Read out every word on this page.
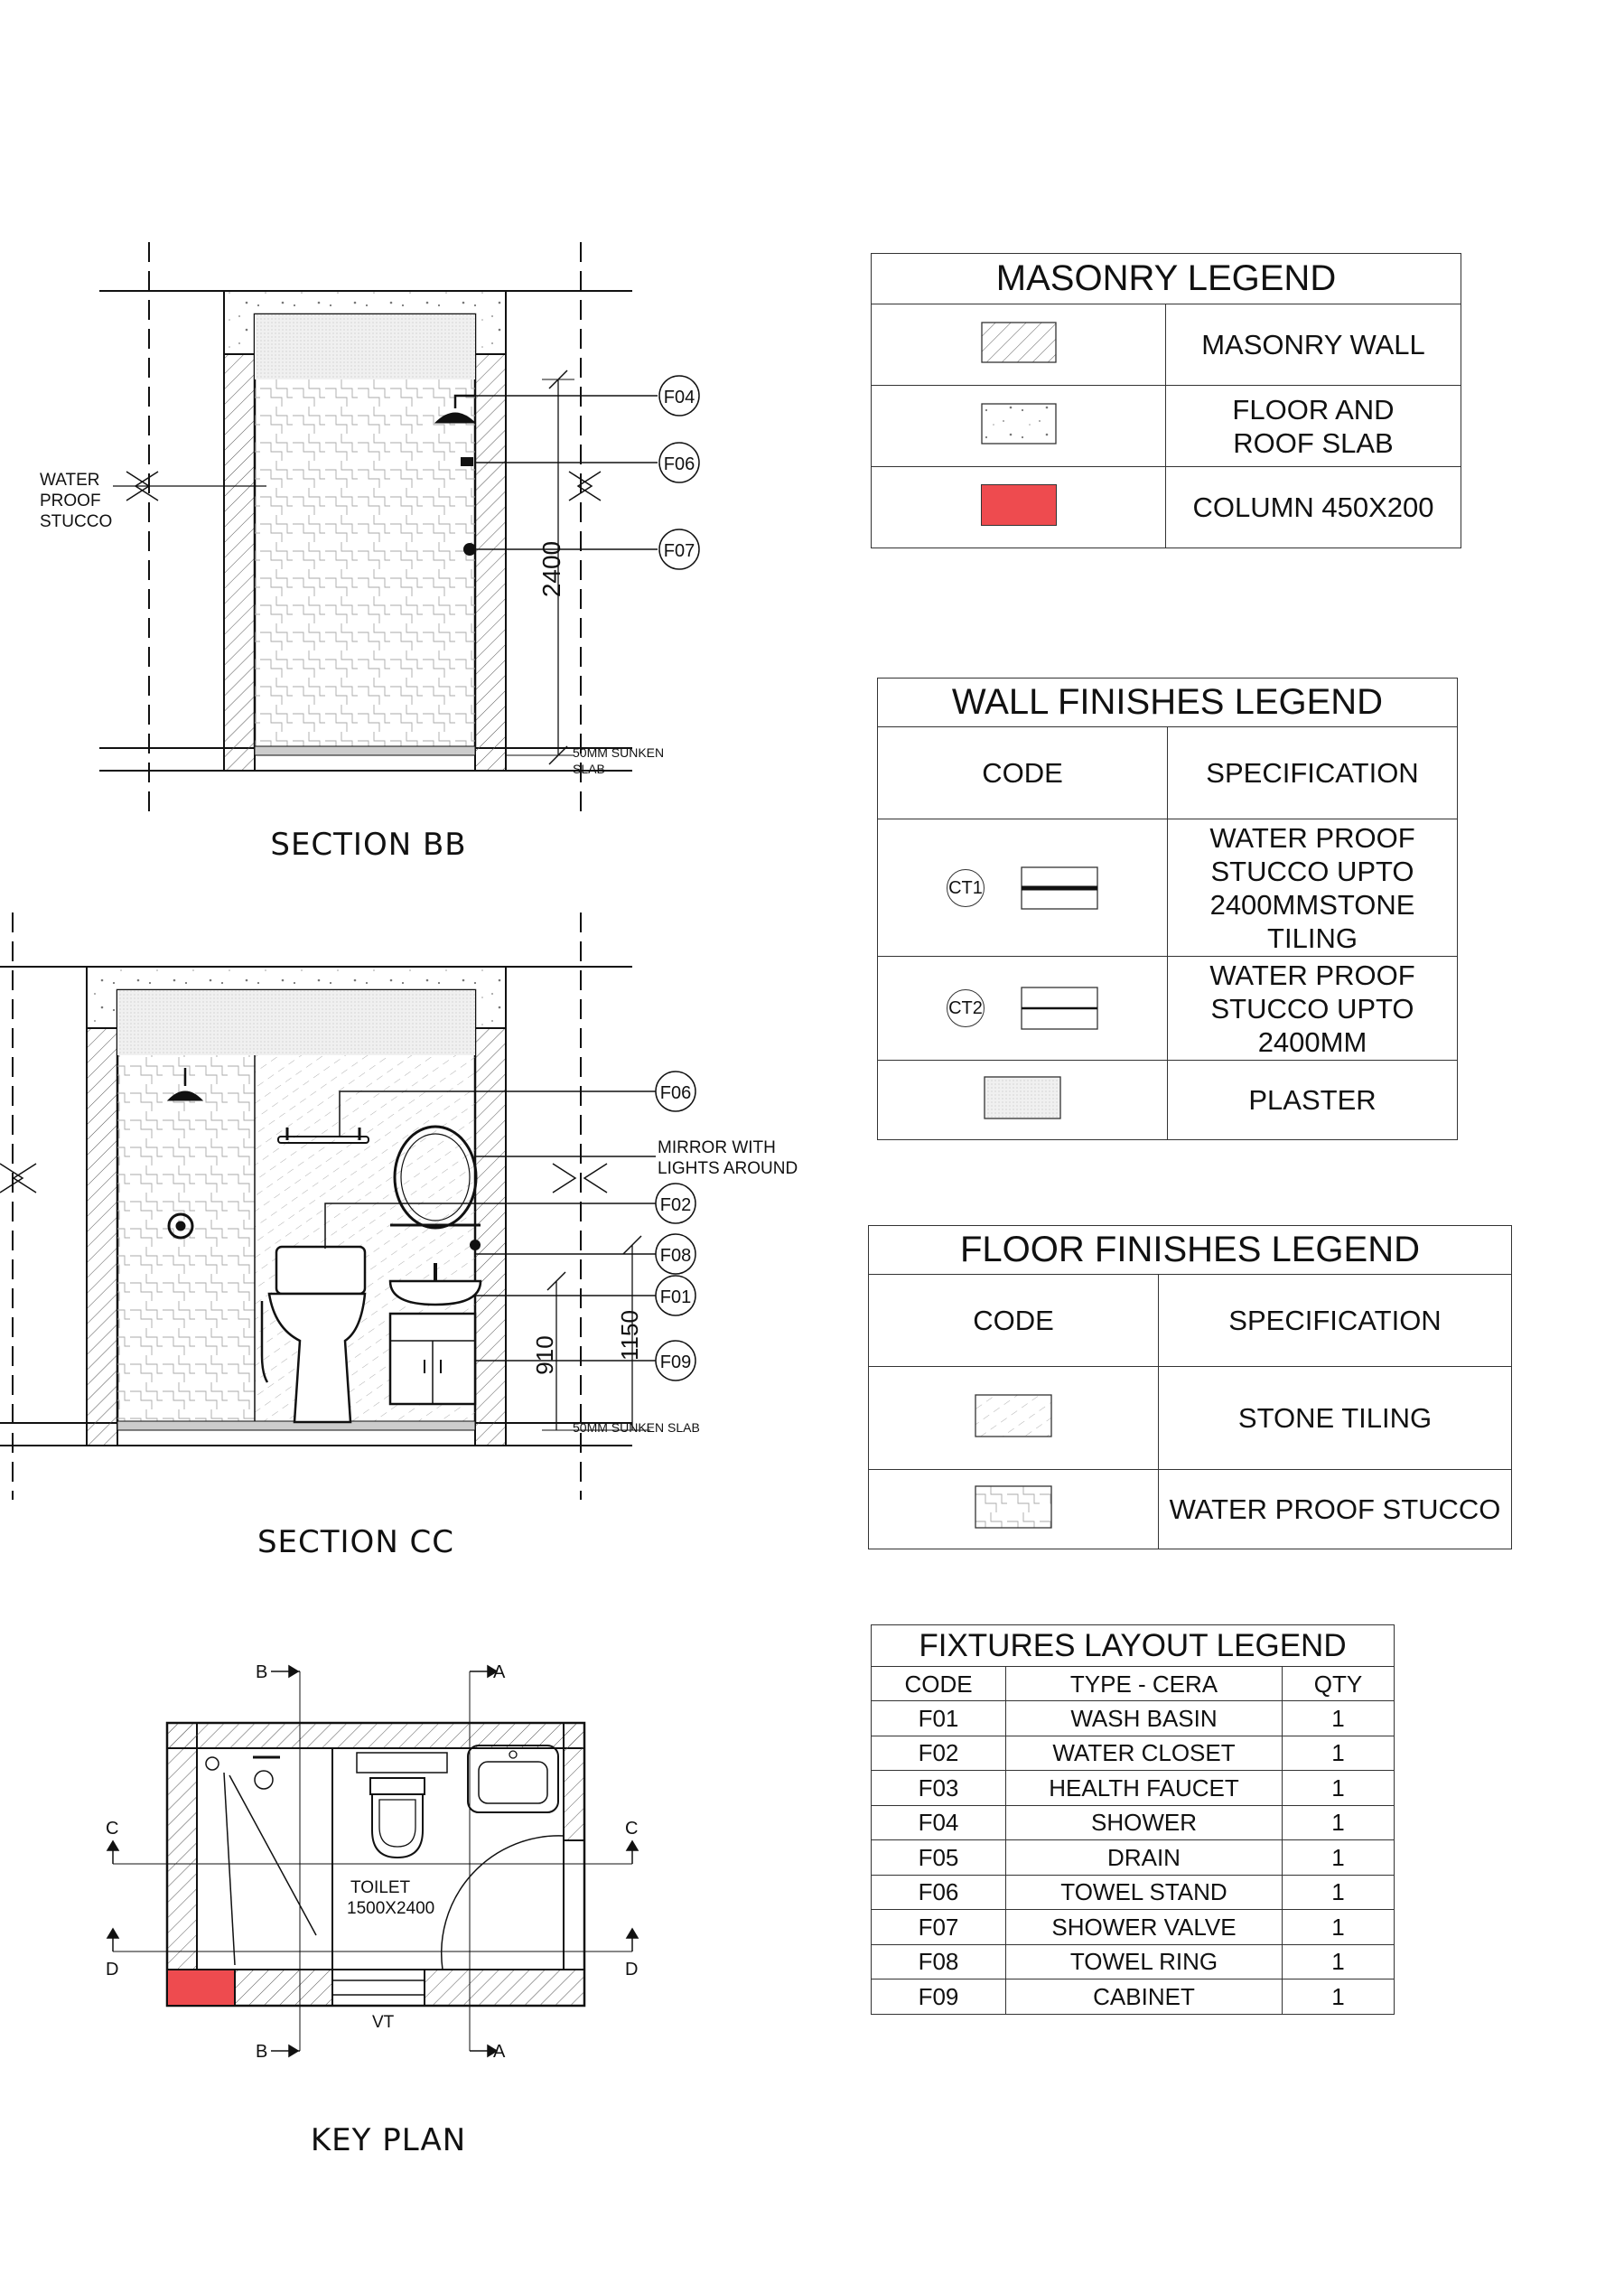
F04
F06
F07
WATER
PROOF
STUCCO
2400
50MM SUNKEN
SLAB
SECTION BB
F06
F02
F08
F01
F09
MIRROR WITH
LIGHTS AROUND
910 1150
50MM SUNKEN SLAB
SECTION CC
TOILET
1500X2400
VT
B
B
A
A
C	C
D	D
KEY PLAN
MASONRY LEGEND	
	MASONRY WALL
	FLOOR AND ROOF SLAB
	COLUMN 450X200
WALL FINISHES LEGEND	
CODE	SPECIFICATION
CT1	WATER PROOF STUCCO UPTO 2400MMSTONE TILING
CT2	WATER PROOF STUCCO UPTO 2400MM
	PLASTER
FLOOR FINISHES LEGEND	
CODE	SPECIFICATION
	STONE TILING
	WATER PROOF STUCCO
FIXTURES LAYOUT LEGEND		
CODE	TYPE - CERA	QTY
F01	WASH BASIN	1
F02	WATER CLOSET	1
F03	HEALTH FAUCET	1
F04	SHOWER	1
F05	DRAIN	1
F06	TOWEL STAND	1
F07	SHOWER VALVE	1
F08	TOWEL RING	1
F09	CABINET	1
